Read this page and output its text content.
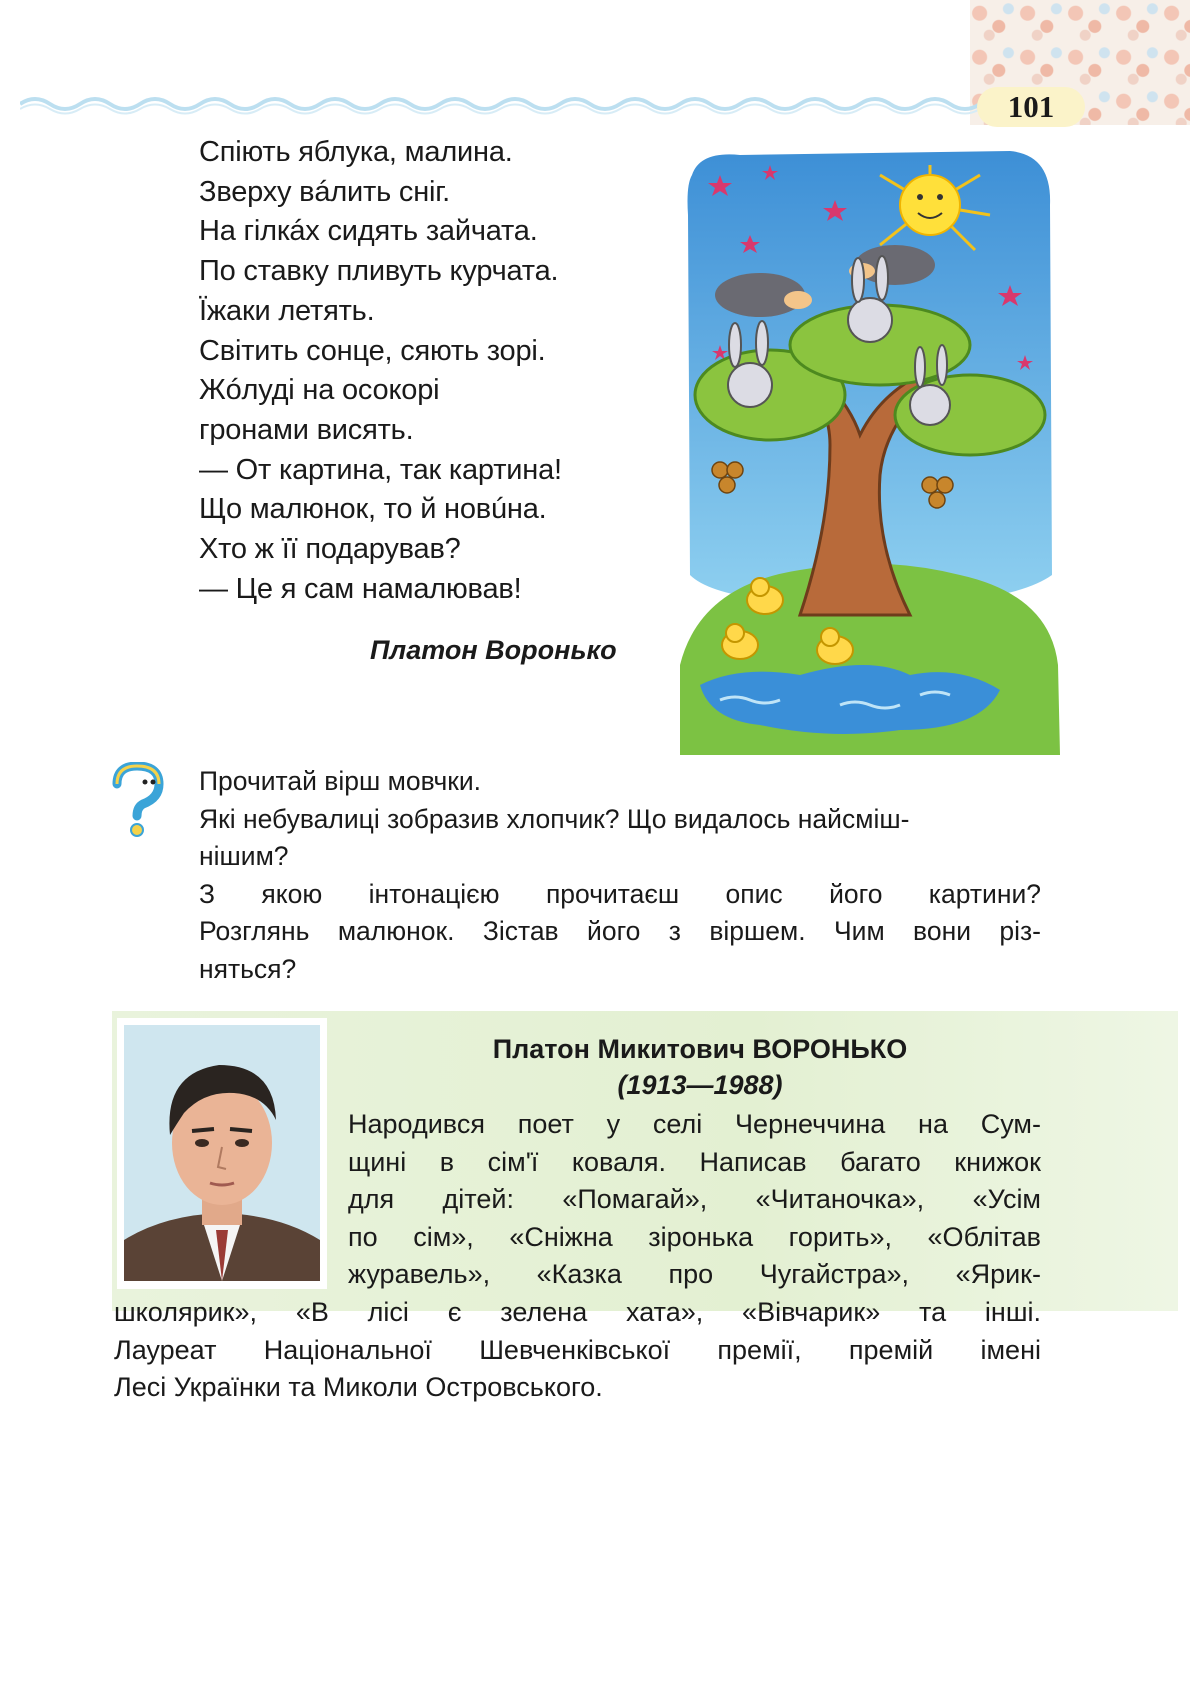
101
Спіють яблука, малина.
Зверху вáлить сніг.
На гілкáх сидять зайчата.
По ставку пливуть курчата.
Їжаки летять.
Світить сонце, сяють зорі.
Жóлуді на осокорі
гронами висять.
— От картина, так картина!
Що малюнок, то й новúна.
Хто ж її подарував?
— Це я сам намалював!
Платон Воронько
Прочитай вірш мовчки.
Які небувалиці зобразив хлопчик? Що видалось найсміш-
нішим?
З якою інтонацією прочитаєш опис його картини?
Розглянь малюнок. Зістав його з віршем. Чим вони різ-
няться?
Платон Микитович ВОРОНЬКО
(1913—1988)
Народився поет у селі Чернеччина на Сум-
щині в сім'ї коваля. Написав багато книжок
для дітей: «Помагай», «Читаночка», «Усім
по сім», «Сніжна зіронька горить», «Облітав
журавель», «Казка про Чугайстра», «Ярик-
школярик», «В лісі є зелена хата», «Вівчарик» та інші.
Лауреат Національної Шевченківської премії, премій імені
Лесі Українки та Миколи Островського.
